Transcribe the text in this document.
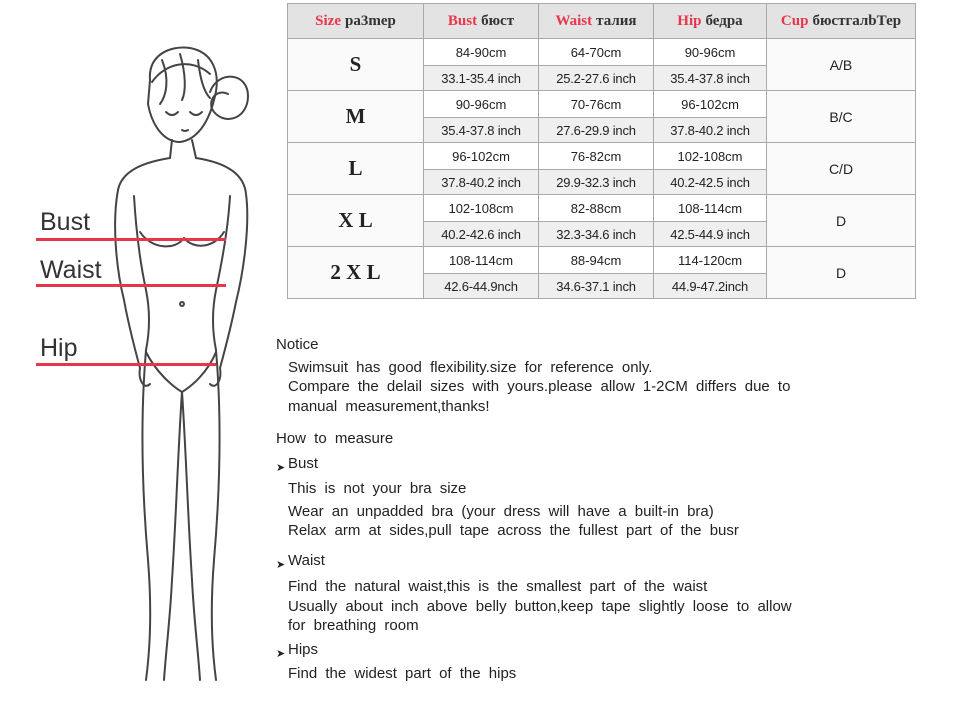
Bust
Waist
Hip
Size pa3mep	Bust бюст	Waist талия	Hip бедра	Cup бюстгалbТер
S	84-90cm	64-70cm	90-96cm	A/B
	33.1-35.4 inch	25.2-27.6 inch	35.4-37.8 inch	
M	90-96cm	70-76cm	96-102cm	B/C
	35.4-37.8 inch	27.6-29.9 inch	37.8-40.2 inch	
L	96-102cm	76-82cm	102-108cm	C/D
	37.8-40.2 inch	29.9-32.3 inch	40.2-42.5 inch	
X L	102-108cm	82-88cm	108-114cm	D
	40.2-42.6 inch	32.3-34.6 inch	42.5-44.9 inch	
2 X L	108-114cm	88-94cm	114-120cm	D
	42.6-44.9nch	34.6-37.1 inch	44.9-47.2inch	
Notice
Swimsuit has good flexibility.size for reference only.
Compare the delail sizes with yours.please allow 1-2CM differs due to
manual measurement,thanks!
How to measure
➤ Bust
This is not your bra size
Wear an unpadded bra (your dress will have a built-in bra)
Relax arm at sides,pull tape across the fullest part of the busr
➤ Waist
Find the natural waist,this is the smallest part of the waist
Usually about inch above belly button,keep tape slightly loose to allow
for breathing room
➤ Hips
Find the widest part of the hips
